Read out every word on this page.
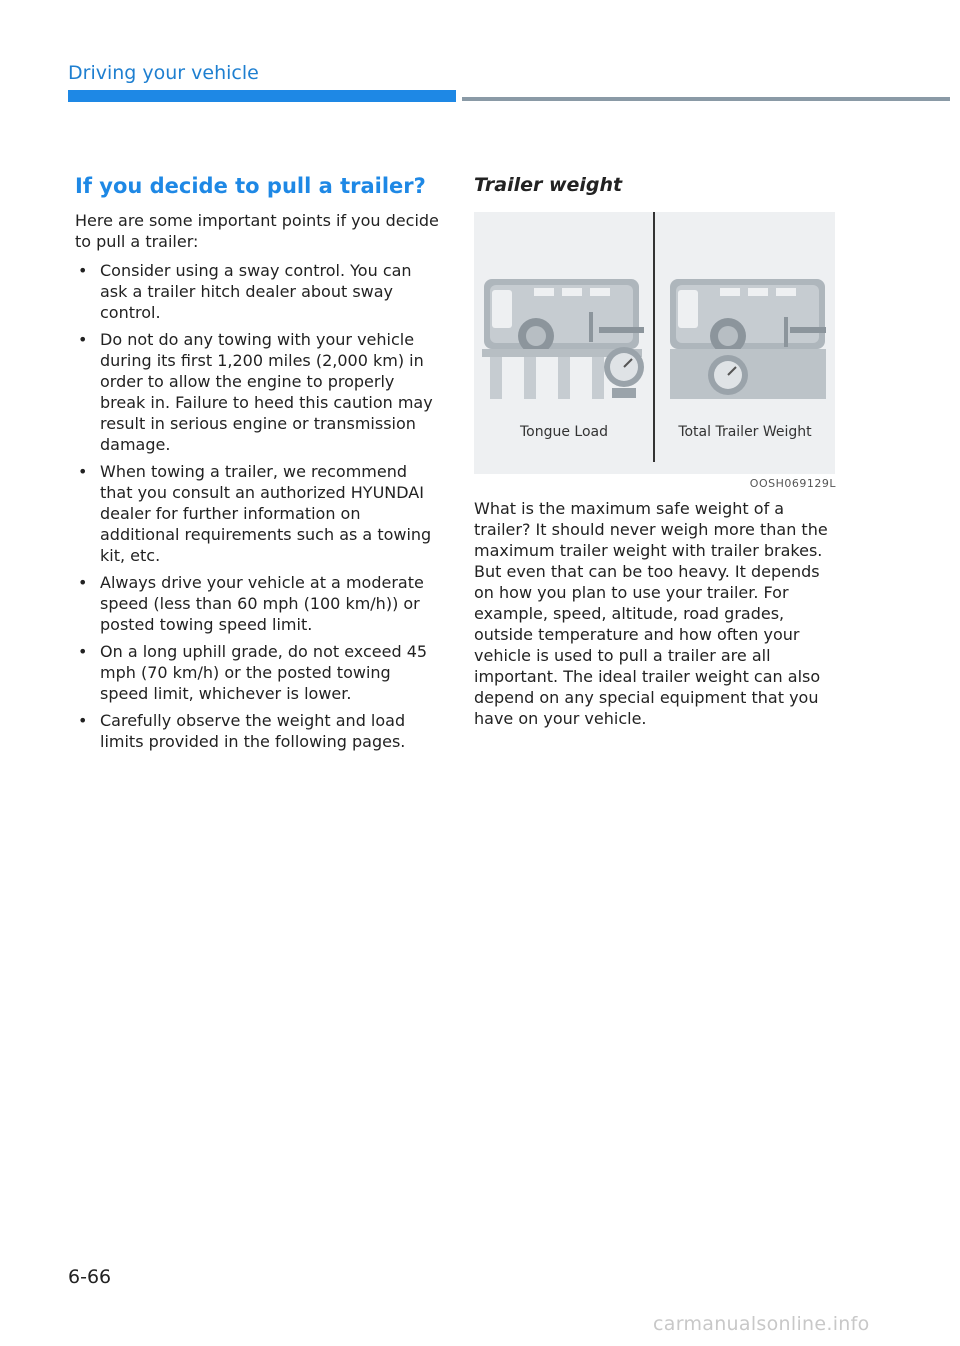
Driving your vehicle
If you decide to pull a trailer?

Here are some important points if you decide to pull a trailer:

• Consider using a sway control. You can ask a trailer hitch dealer about sway control.
• Do not do any towing with your vehicle during its first 1,200 miles (2,000 km) in order to allow the engine to properly break in. Failure to heed this caution may result in serious engine or transmission damage.
• When towing a trailer, we recommend that you consult an authorized HYUNDAI dealer for further information on additional requirements such as a towing kit, etc.
• Always drive your vehicle at a moderate speed (less than 60 mph (100 km/h)) or posted towing speed limit.
• On a long uphill grade, do not exceed 45 mph (70 km/h) or the posted towing speed limit, whichever is lower.
• Carefully observe the weight and load limits provided in the following pages.
Trailer weight
Tongue Load	Total Trailer Weight
OOSH069129L

What is the maximum safe weight of a trailer? It should never weigh more than the maximum trailer weight with trailer brakes. But even that can be too heavy. It depends on how you plan to use your trailer. For example, speed, altitude, road grades, outside temperature and how often your vehicle is used to pull a trailer are all important. The ideal trailer weight can also depend on any special equipment that you have on your vehicle.

6-66
carmanualsonline.info
